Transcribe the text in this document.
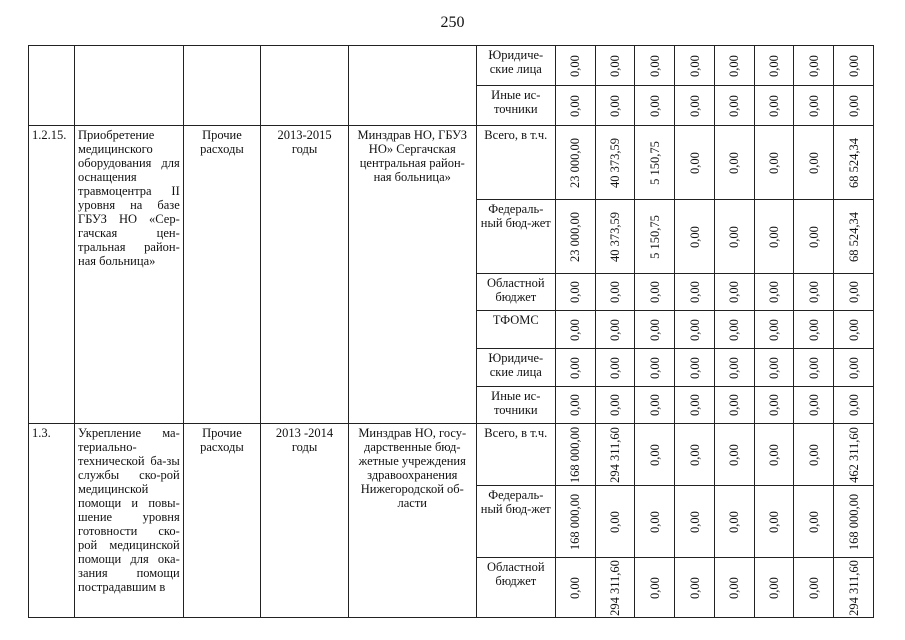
250
					Юридиче-ские лица	0,00	0,00	0,00	0,00	0,00	0,00	0,00	0,00

					Иные ис-точники	0,00	0,00	0,00	0,00	0,00	0,00	0,00	0,00

1.2.15.	Приобретение медицинского оборудования для оснащения травмоцентра II уровня на базе ГБУЗ НО «Сер-гачская цен-тральная район-ная больница»	Прочие расходы	2013-2015 годы	Минздрав НО, ГБУЗ НО» Сергачская центральная район-ная больница»	Всего, в т.ч.	23 000,00	40 373,59	5 150,75	0,00	0,00	0,00	0,00	68 524,34

					Федераль-ный бюд-жет	23 000,00	40 373,59	5 150,75	0,00	0,00	0,00	0,00	68 524,34

					Областной бюджет	0,00	0,00	0,00	0,00	0,00	0,00	0,00	0,00

					ТФОМС	0,00	0,00	0,00	0,00	0,00	0,00	0,00	0,00

					Юридиче-ские лица	0,00	0,00	0,00	0,00	0,00	0,00	0,00	0,00

					Иные ис-точники	0,00	0,00	0,00	0,00	0,00	0,00	0,00	0,00

1.3.	Укрепление ма-териально-технической ба-зы службы ско-рой медицинской помощи и повы-шение уровня готовности ско-рой медицинской помощи для ока-зания помощи пострадавшим в	Прочие расходы	2013 -2014 годы	Минздрав НО, госу-дарственные бюд-жетные учреждения здравоохранения Нижегородской об-ласти	Всего, в т.ч.	168 000,00	294 311,60	0,00	0,00	0,00	0,00	0,00	462 311,60

					Федераль-ный бюд-жет	168 000,00	0,00	0,00	0,00	0,00	0,00	0,00	168 000,00

					Областной бюджет	0,00	294 311,60	0,00	0,00	0,00	0,00	0,00	294 311,60
